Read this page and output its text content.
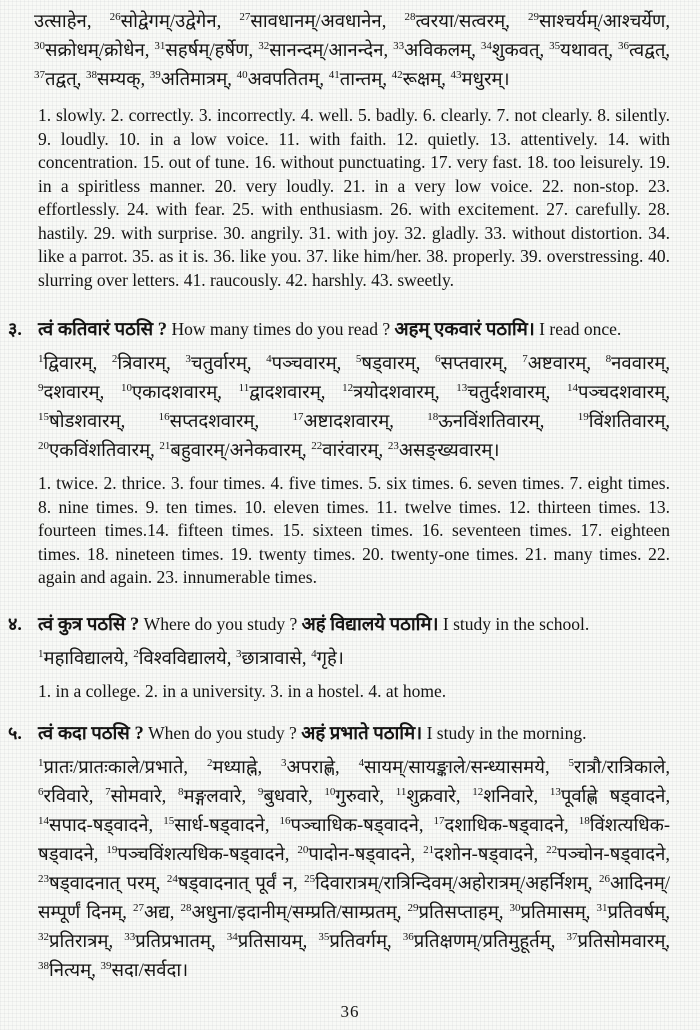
उत्साहेन, $^{26}$सोद्वेगम्/उद्वेगेन, $^{27}$सावधानम्/अवधानेन, $^{28}$त्वरया/सत्वरम्, $^{29}$साश्चर्यम्/आश्चर्येण, $^{30}$सक्रोधम्/क्रोधेन, $^{31}$सहर्षम्/हर्षेण, $^{32}$सानन्दम्/आनन्देन, $^{33}$अविकलम्, $^{34}$शुकवत्, $^{35}$यथावत्, $^{36}$त्वद्वत्, $^{37}$तद्वत्, $^{38}$सम्यक्, $^{39}$अतिमात्रम्, $^{40}$अवपतितम्, $^{41}$तान्तम्, $^{42}$रूक्षम्, $^{43}$मधुरम्।

1. slowly. 2. correctly. 3. incorrectly. 4. well. 5. badly. 6. clearly. 7. not clearly. 8. silently. 9. loudly. 10. in a low voice. 11. with faith. 12. quietly. 13. attentively. 14. with concentration. 15. out of tune. 16. without punctuating. 17. very fast. 18. too leisurely. 19. in a spiritless manner. 20. very loudly. 21. in a very low voice. 22. non-stop. 23. effortlessly. 24. with fear. 25. with enthusiasm. 26. with excitement. 27. carefully. 28. hastily. 29. with surprise. 30. angrily. 31. with joy. 32. gladly. 33. without distortion. 34. like a parrot. 35. as it is. 36. like you. 37. like him/her. 38. properly. 39. overstressing. 40. slurring over letters. 41. raucously. 42. harshly. 43. sweetly.

३. त्वं कतिवारं पठसि ? How many times do you read ? अहम् एकवारं पठामि। I read once.

$^1$द्विवारम्, $^2$त्रिवारम्, $^3$चतुर्वारम्, $^4$पञ्चवारम्, $^5$षड्वारम्, $^6$सप्तवारम्, $^7$अष्टवारम्, $^8$नववारम्, $^9$दशवारम्, $^{10}$एकादशवारम्, $^{11}$द्वादशवारम्, $^{12}$त्रयोदशवारम्, $^{13}$चतुर्दशवारम्, $^{14}$पञ्चदशवारम्, $^{15}$षोडशवारम्,	$^{16}$सप्तदशवारम्,	$^{17}$अष्टादशवारम्,	$^{18}$ऊनविंशतिवारम्,	$^{19}$विंशतिवारम्, $^{20}$एकविंशतिवारम्, $^{21}$बहुवारम्/अनेकवारम्, $^{22}$वारंवारम्, $^{23}$असङ्ख्यवारम्।

1. twice. 2. thrice. 3. four times. 4. five times. 5. six times. 6. seven times. 7. eight times. 8. nine times. 9. ten times. 10. eleven times. 11. twelve times. 12. thirteen times. 13. fourteen times.14. fifteen times. 15. sixteen times. 16. seventeen times. 17. eighteen times. 18. nineteen times. 19. twenty times. 20. twenty-one times. 21. many times. 22. again and again. 23. innumerable times.

४. त्वं कुत्र पठसि ? Where do you study ? अहं विद्यालये पठामि। I study in the school.

$^1$महाविद्यालये, $^2$विश्वविद्यालये, $^3$छात्रावासे, $^4$गृहे।

1. in a college. 2. in a university. 3. in a hostel. 4. at home.

५. त्वं कदा पठसि ? When do you study ? अहं प्रभाते पठामि। I study in the morning.

$^1$प्रातः/प्रातःकाले/प्रभाते, $^2$मध्याह्ने, $^3$अपराह्णे, $^4$सायम्/सायङ्काले/सन्ध्यासमये, $^5$रात्रौ/रात्रिकाले, $^6$रविवारे, $^7$सोमवारे, $^8$मङ्गलवारे, $^9$बुधवारे, $^{10}$गुरुवारे, $^{11}$शुक्रवारे, $^{12}$शनिवारे, $^{13}$पूर्वाह्णे षड्वादने, $^{14}$सपाद-षड्वादने, $^{15}$सार्ध-षड्वादने, $^{16}$पञ्चाधिक-षड्वादने, $^{17}$दशाधिक-षड्वादने, $^{18}$विंशत्यधिक-षड्वादने, $^{19}$पञ्चविंशत्यधिक-षड्वादने, $^{20}$पादोन-षड्वादने, $^{21}$दशोन-षड्वादने, $^{22}$पञ्चोन-षड्वादने, $^{23}$षड्वादनात् परम्, $^{24}$षड्वादनात् पूर्वं न, $^{25}$दिवारात्रम्/रात्रिन्दिवम्/अहोरात्रम्/अहर्निशम्, $^{26}$आदिनम्/सम्पूर्णं दिनम्, $^{27}$अद्य, $^{28}$अधुना/इदानीम्/सम्प्रति/साम्प्रतम्, $^{29}$प्रतिसप्ताहम्, $^{30}$प्रतिमासम्, $^{31}$प्रतिवर्षम्, $^{32}$प्रतिरात्रम्, $^{33}$प्रतिप्रभातम्, $^{34}$प्रतिसायम्, $^{35}$प्रतिवर्गम्, $^{36}$प्रतिक्षणम्/प्रतिमुहूर्तम्, $^{37}$प्रतिसोमवारम्, $^{38}$नित्यम्, $^{39}$सदा/सर्वदा।

36
